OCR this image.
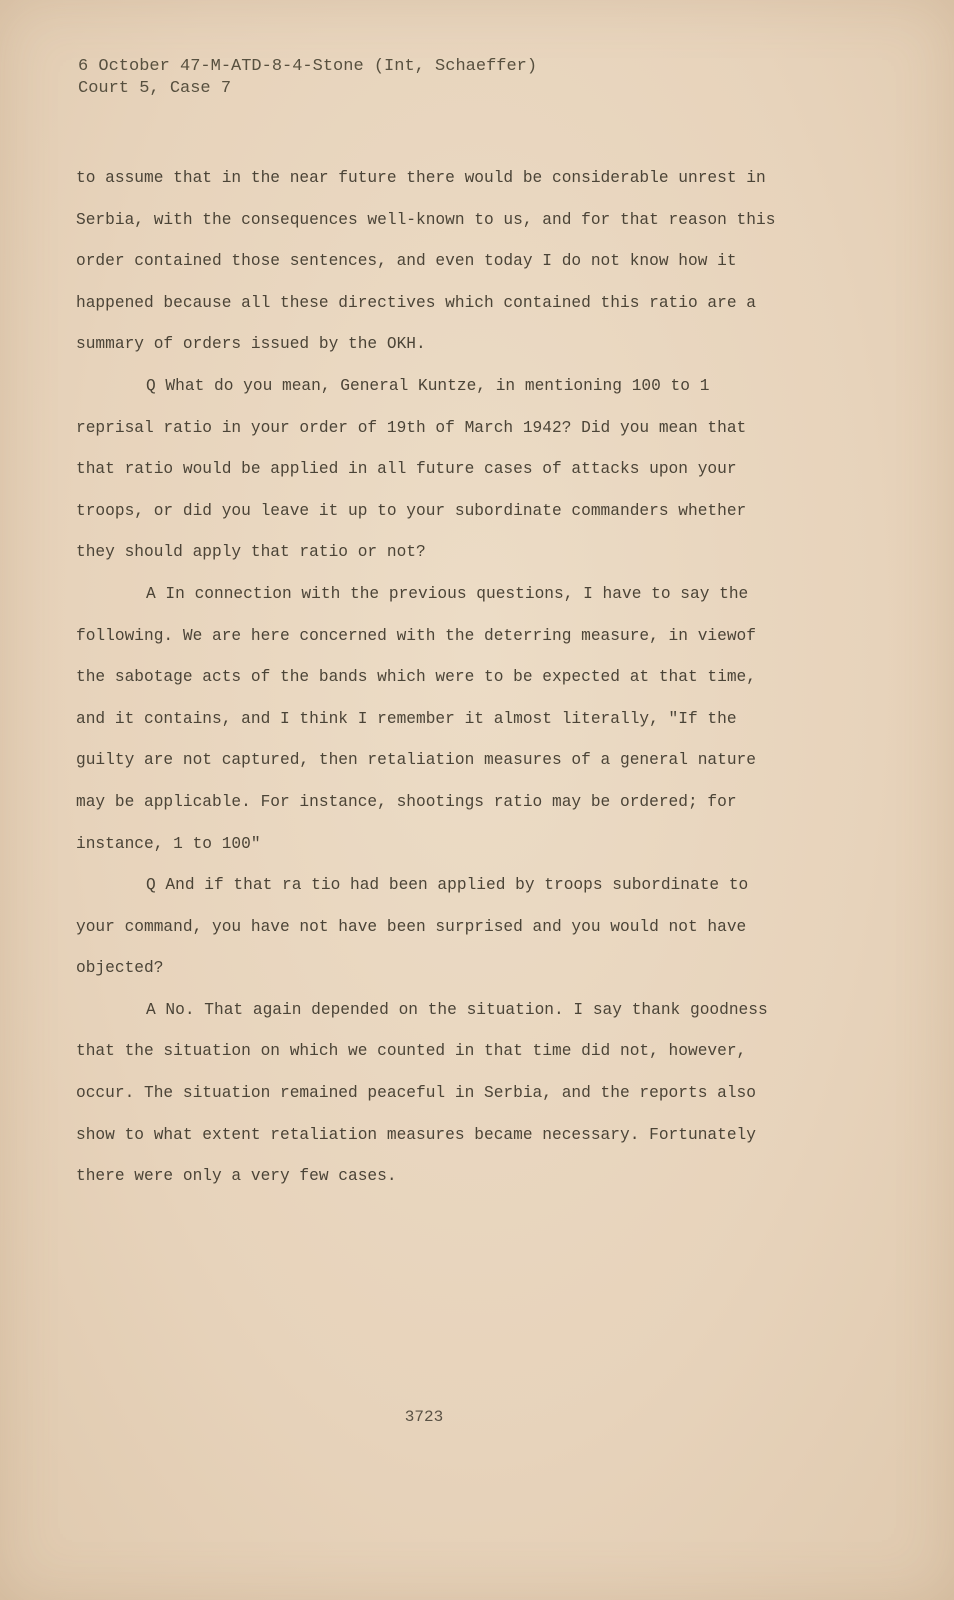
6 October 47-M-ATD-8-4-Stone (Int, Schaeffer)
Court 5, Case 7
to assume that in the near future there would be considerable unrest in
Serbia, with the consequences well-known to us, and for that reason this
order contained those sentences, and even today I do not know how it
happened because all these directives which contained this ratio are a
summary of orders issued by the OKH.
Q What do you mean, General Kuntze, in mentioning 100 to 1
reprisal ratio in your order of 19th of March 1942? Did you mean that
that ratio would be applied in all future cases of attacks upon your
troops, or did you leave it up to your subordinate commanders whether
they should apply that ratio or not?
A In connection with the previous questions, I have to say the
following. We are here concerned with the deterring measure, in viewof
the sabotage acts of the bands which were to be expected at that time,
and it contains, and I think I remember it almost literally, "If the
guilty are not captured, then retaliation measures of a general nature
may be applicable. For instance, shootings ratio may be ordered; for
instance, 1 to 100"
Q And if that ra tio had been applied by troops subordinate to
your command, you have not have been surprised and you would not have
objected?
A No. That again depended on the situation. I say thank goodness
that the situation on which we counted in that time did not, however,
occur. The situation remained peaceful in Serbia, and the reports also
show to what extent retaliation measures became necessary. Fortunately
there were only a very few cases.
3723
